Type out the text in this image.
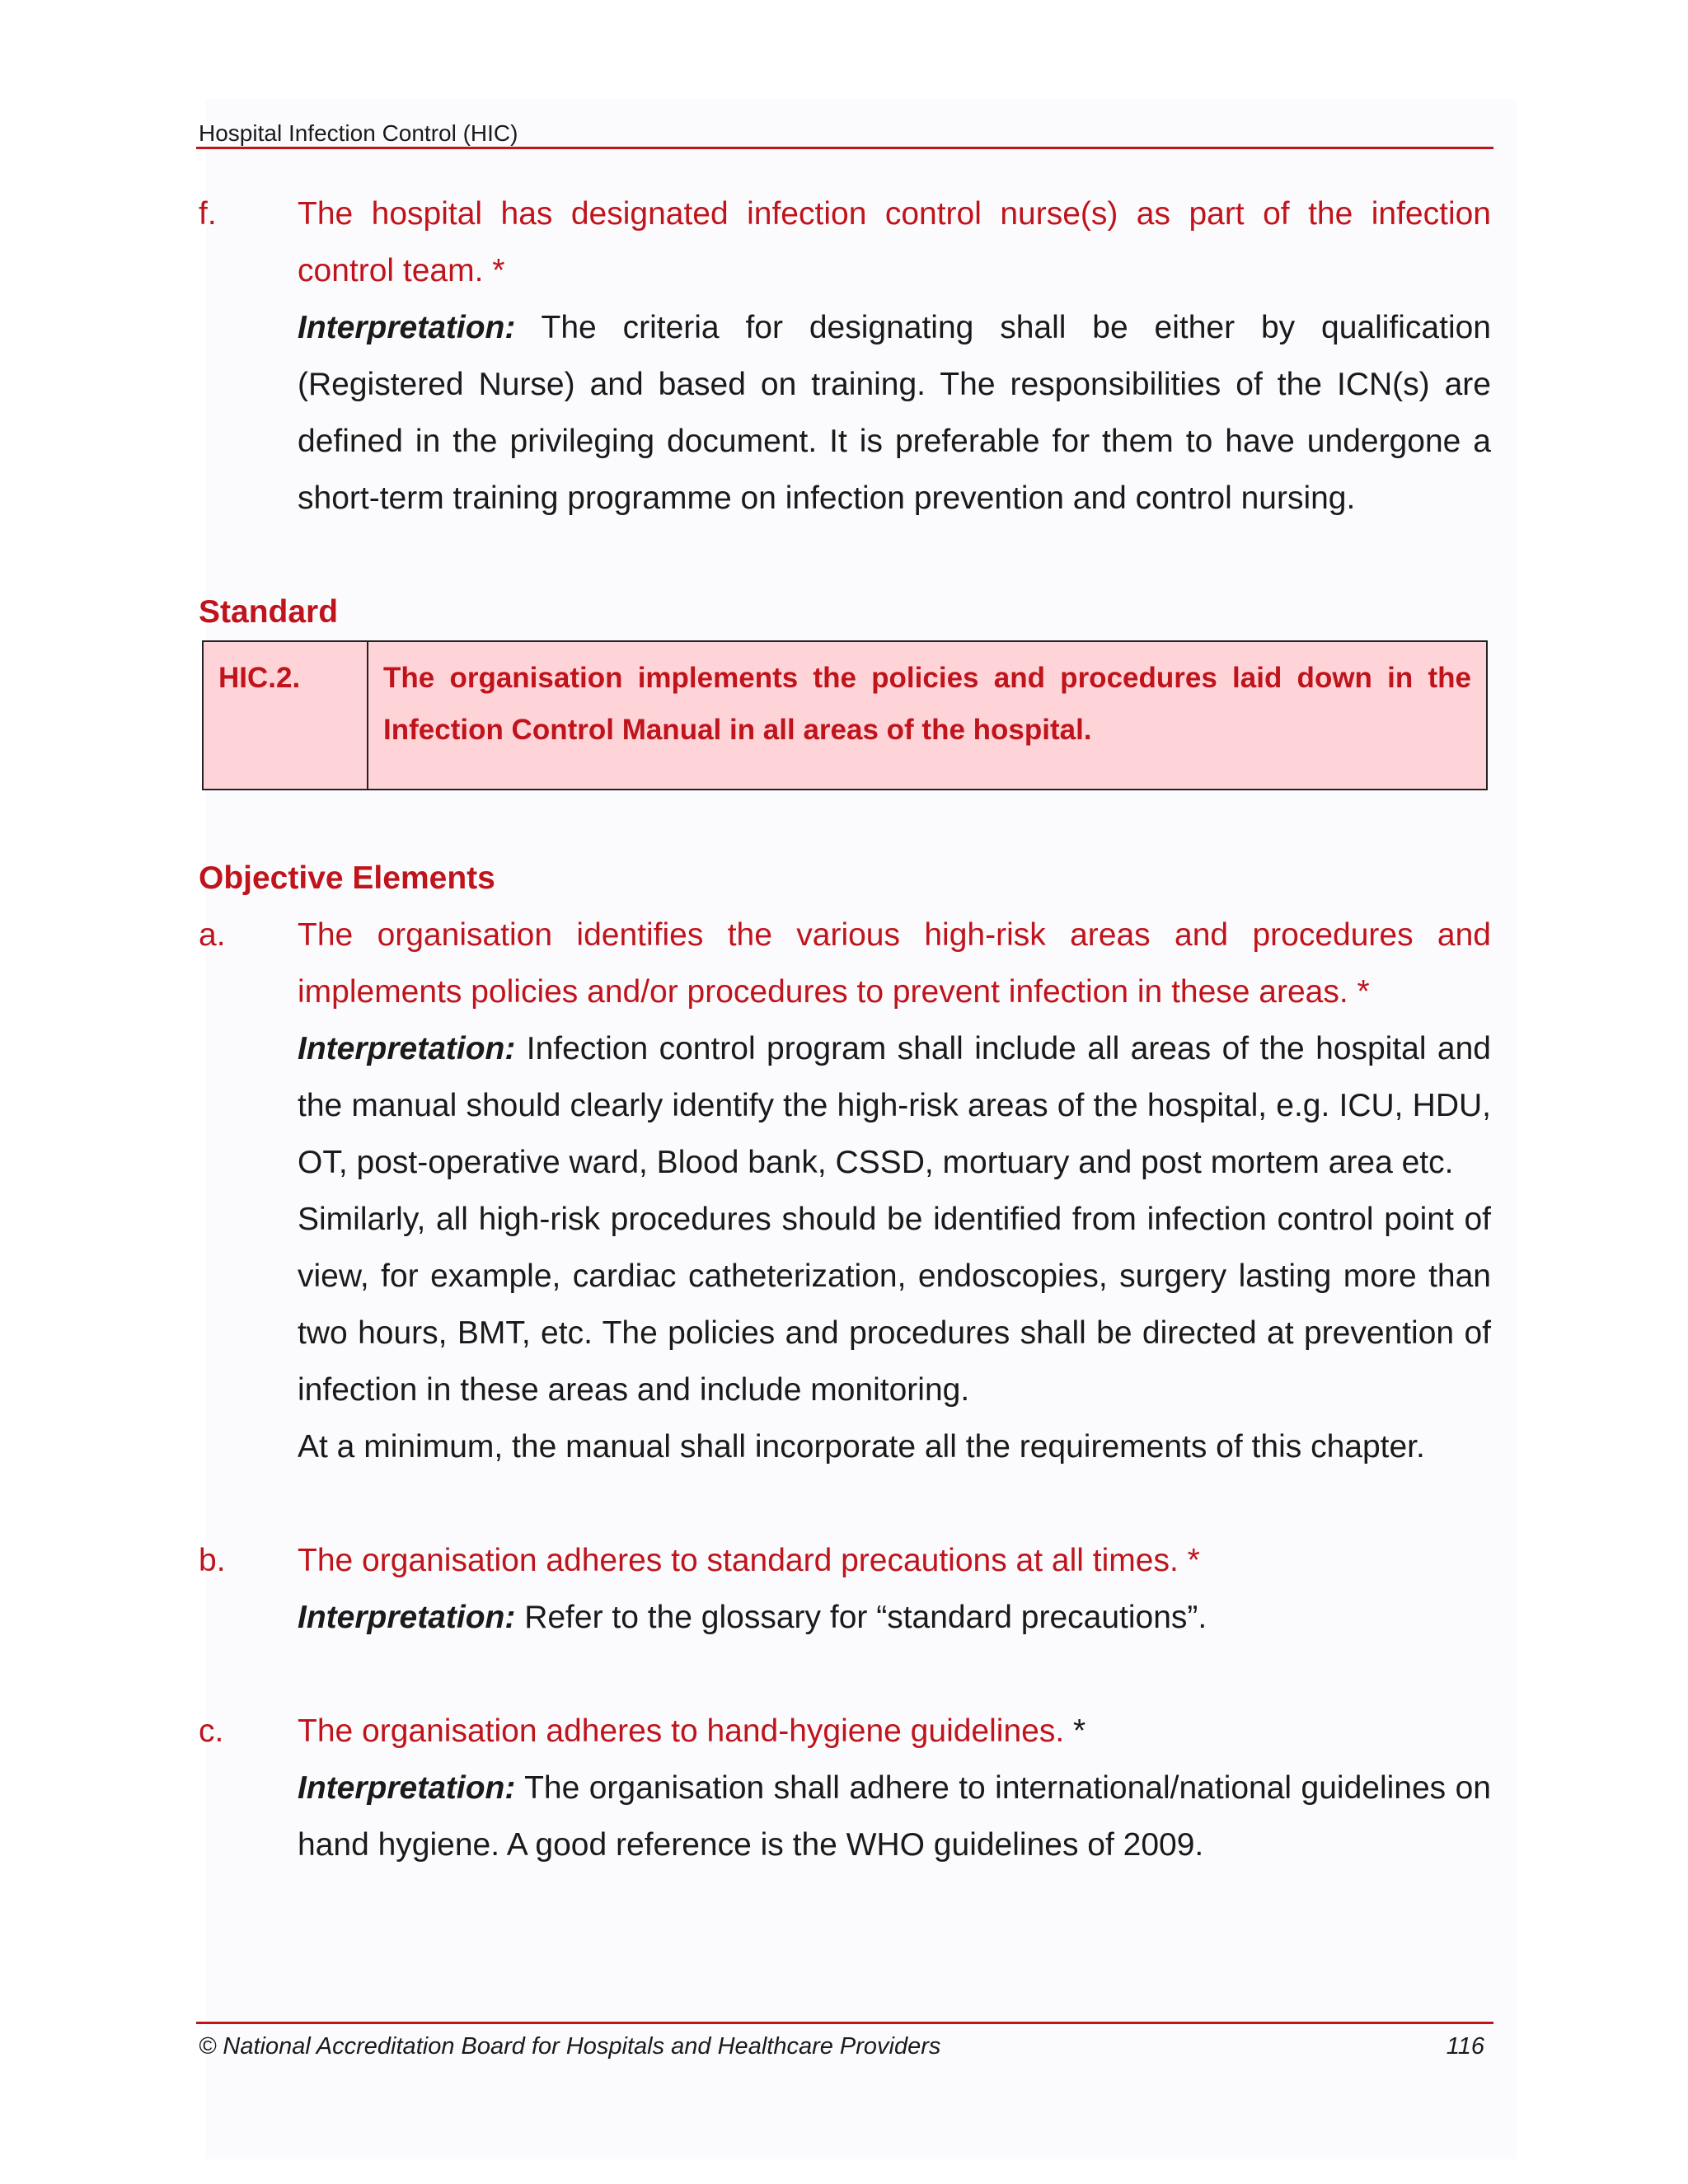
Hospital Infection Control (HIC)
f.	The hospital has designated infection control nurse(s) as part of the infection control team. *

Interpretation: The criteria for designating shall be either by qualification (Registered Nurse) and based on training. The responsibilities of the ICN(s) are defined in the privileging document. It is preferable for them to have undergone a short-term training programme on infection prevention and control nursing.

Standard
HIC.2.	The organisation implements the policies and procedures laid down in the Infection Control Manual in all areas of the hospital.
Objective Elements
a.	The organisation identifies the various high-risk areas and procedures and implements policies and/or procedures to prevent infection in these areas. *

Interpretation: Infection control program shall include all areas of the hospital and the manual should clearly identify the high-risk areas of the hospital, e.g. ICU, HDU, OT, post-operative ward, Blood bank, CSSD, mortuary and post mortem area etc.

Similarly, all high-risk procedures should be identified from infection control point of view, for example, cardiac catheterization, endoscopies, surgery lasting more than two hours, BMT, etc. The policies and procedures shall be directed at prevention of infection in these areas and include monitoring.

At a minimum, the manual shall incorporate all the requirements of this chapter.

b.	The organisation adheres to standard precautions at all times. *

Interpretation: Refer to the glossary for “standard precautions”.

c.	The organisation adheres to hand-hygiene guidelines. *

Interpretation: The organisation shall adhere to international/national guidelines on hand hygiene. A good reference is the WHO guidelines of 2009.

© National Accreditation Board for Hospitals and Healthcare Providers	116
